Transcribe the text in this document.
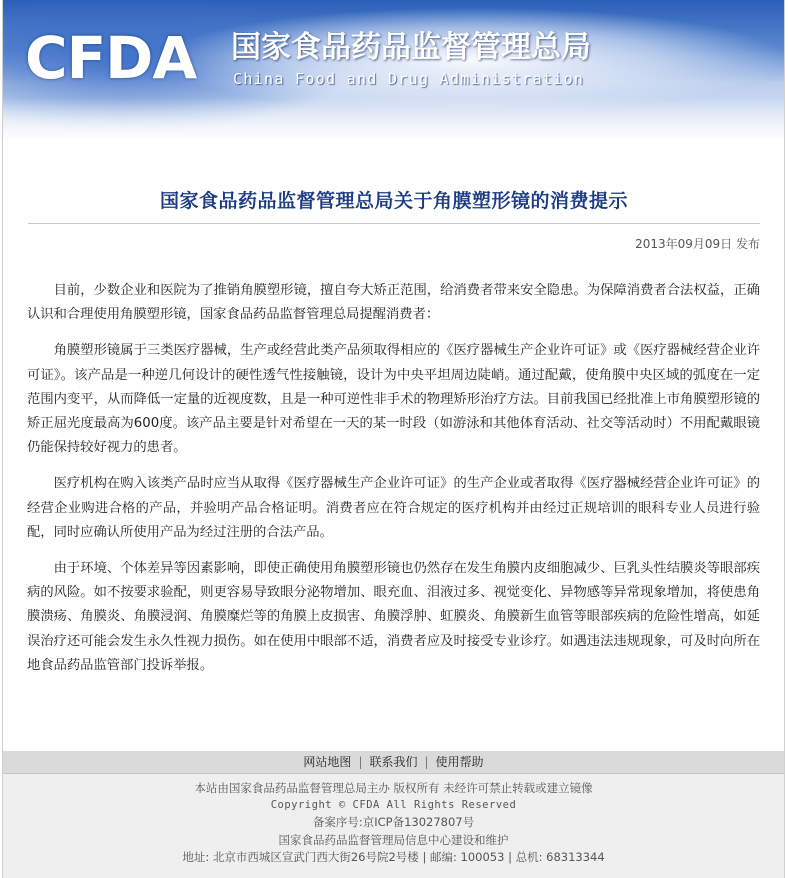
CFDA 国家食品药品监督管理总局
China Food and Drug Administration
国家食品药品监督管理总局关于角膜塑形镜的消费提示
2013年09月09日 发布

目前，少数企业和医院为了推销角膜塑形镜，擅自夸大矫正范围，给消费者带来安全隐患。为保障消费者合法权益，正确认识和合理使用角膜塑形镜，国家食品药品监督管理总局提醒消费者：

角膜塑形镜属于三类医疗器械，生产或经营此类产品须取得相应的《医疗器械生产企业许可证》或《医疗器械经营企业许可证》。该产品是一种逆几何设计的硬性透气性接触镜，设计为中央平坦周边陡峭。通过配戴，使角膜中央区域的弧度在一定范围内变平，从而降低一定量的近视度数，且是一种可逆性非手术的物理矫形治疗方法。目前我国已经批准上市角膜塑形镜的矫正屈光度最高为600度。该产品主要是针对希望在一天的某一时段（如游泳和其他体育活动、社交等活动时）不用配戴眼镜仍能保持较好视力的患者。

医疗机构在购入该类产品时应当从取得《医疗器械生产企业许可证》的生产企业或者取得《医疗器械经营企业许可证》的经营企业购进合格的产品，并验明产品合格证明。消费者应在符合规定的医疗机构并由经过正规培训的眼科专业人员进行验配，同时应确认所使用产品为经过注册的合法产品。

由于环境、个体差异等因素影响，即使正确使用角膜塑形镜也仍然存在发生角膜内皮细胞减少、巨乳头性结膜炎等眼部疾病的风险。如不按要求验配，则更容易导致眼分泌物增加、眼充血、泪液过多、视觉变化、异物感等异常现象增加，将使患角膜溃疡、角膜炎、角膜浸润、角膜糜烂等的角膜上皮损害、角膜浮肿、虹膜炎、角膜新生血管等眼部疾病的危险性增高，如延误治疗还可能会发生永久性视力损伤。如在使用中眼部不适，消费者应及时接受专业诊疗。如遇违法违规现象，可及时向所在地食品药品监管部门投诉举报。

网站地图 | 联系我们 | 使用帮助
本站由国家食品药品监督管理总局主办 版权所有 未经许可禁止转载或建立镜像
Copyright © CFDA All Rights Reserved
备案序号:京ICP备13027807号
国家食品药品监督管理局信息中心建设和维护
地址: 北京市西城区宣武门西大街26号院2号楼 | 邮编: 100053 | 总机: 68313344
